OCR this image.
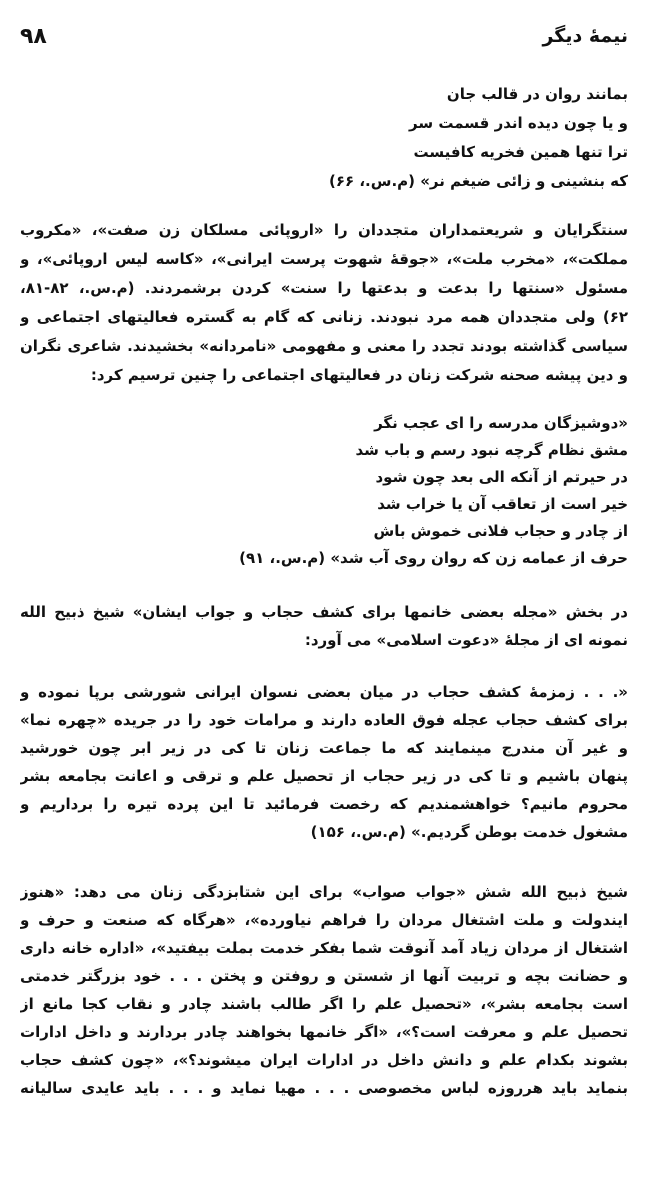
نیمهٔ دیگر
۹۸
بمانند روان در قالب جان
و یا چون دیده اندر قسمت سر
ترا تنها همین فخریه کافیست
که بنشینی و زائی ضیغم نر» (م.س.، ۶۶)
سنتگرایان و شریعتمداران متجددان را «اروپائی مسلکان زن صفت»، «مکروب
مملکت»، «مخرب ملت»، «جوقهٔ شهوت پرست ایرانی»، «کاسه لیس اروپائی»، و
مسئول «سنتها را بدعت و بدعتها را سنت» کردن برشمردند. (م.س.، ۸۲-۸۱،
۶۲) ولی متجددان همه مرد نبودند. زنانی که گام به گستره فعالیتهای اجتماعی و
سیاسی گذاشته بودند تجدد را معنی و مفهومی «نامردانه» بخشیدند. شاعری نگران
و دین پیشه صحنه شرکت زنان در فعالیتهای اجتماعی را چنین ترسیم کرد:
«دوشیزگان مدرسه را ای عجب نگر
مشق نظام گرچه نبود رسم و باب شد
در حیرتم از آنکه الی بعد چون شود
خیر است از تعاقب آن یا خراب شد
از چادر و حجاب فلانی خموش باش
حرف از عمامه زن که روان روی آب شد» (م.س.، ۹۱)
در بخش «مجله بعضی خانمها برای کشف حجاب و جواب ایشان» شیخ ذبیح الله
نمونه ای از مجلهٔ «دعوت اسلامی» می آورد:
«. . . زمزمهٔ کشف حجاب در میان بعضی نسوان ایرانی شورشی برپا نموده و
برای کشف حجاب عجله فوق العاده دارند و مرامات خود را در جریده «چهره نما»
و غیر آن مندرج مینمایند که ما جماعت زنان تا کی در زیر ابر چون خورشید
پنهان باشیم و تا کی در زیر حجاب از تحصیل علم و ترقی و اعانت بجامعه بشر
محروم مانیم؟ خواهشمندیم که رخصت فرمائید تا این پرده تیره را برداریم و
مشغول خدمت بوطن گردیم.» (م.س.، ۱۵۶)
شیخ ذبیح الله شش «جواب صواب» برای این شتابزدگی زنان می دهد: «هنوز
ایندولت و ملت اشتغال مردان را فراهم نیاورده»، «هرگاه که صنعت و حرف و
اشتغال از مردان زیاد آمد آنوقت شما بفکر خدمت بملت بیفتید»، «اداره خانه داری
و حضانت بچه و تربیت آنها از شستن و روفتن و پختن . . . خود بزرگتر خدمتی
است بجامعه بشر»، «تحصیل علم را اگر طالب باشند چادر و نقاب کجا مانع از
تحصیل علم و معرفت است؟»، «اگر خانمها بخواهند چادر بردارند و داخل ادارات
بشوند بکدام علم و دانش داخل در ادارات ایران میشوند؟»، «چون کشف حجاب
بنماید باید هرروزه لباس مخصوصی . . . مهیا نماید و . . . باید عایدی سالیانه
